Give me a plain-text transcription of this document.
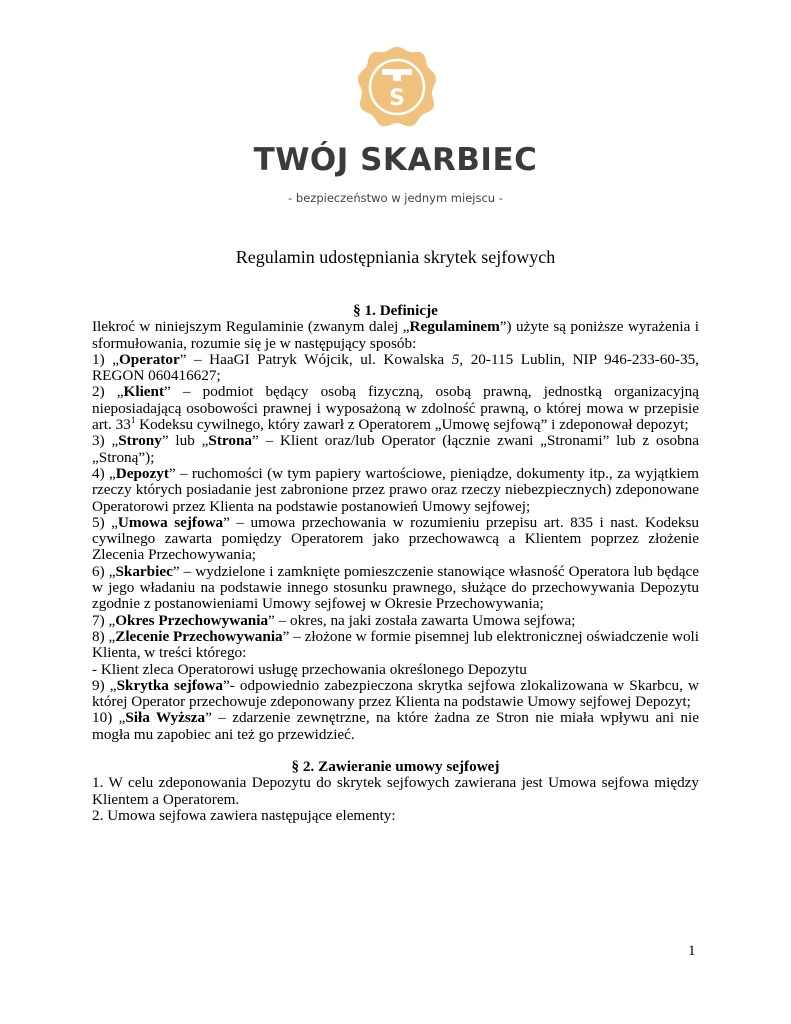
S
TWÓJ SKARBIEC
- bezpieczeństwo w jednym miejscu -
Regulamin udostępniania skrytek sejfowych

§ 1. Definicje

Ilekroć w niniejszym Regulaminie (zwanym dalej „Regulaminem”) użyte są poniższe wyrażenia i sformułowania, rozumie się je w następujący sposób:

1) „Operator” – HaaGI Patryk Wójcik, ul. Kowalska 5, 20-115 Lublin, NIP 946-233-60-35, REGON 060416627;

2) „Klient” – podmiot będący osobą fizyczną, osobą prawną, jednostką organizacyjną nieposiadającą osobowości prawnej i wyposażoną w zdolność prawną, o której mowa w przepisie art. $33^1$ Kodeksu cywilnego, który zawarł z Operatorem „Umowę sejfową” i zdeponował depozyt;

3) „Strony” lub „Strona” – Klient oraz/lub Operator (łącznie zwani „Stronami” lub z osobna „Stroną”);

4) „Depozyt” – ruchomości (w tym papiery wartościowe, pieniądze, dokumenty itp., za wyjątkiem rzeczy których posiadanie jest zabronione przez prawo oraz rzeczy niebezpiecznych) zdeponowane Operatorowi przez Klienta na podstawie postanowień Umowy sejfowej;

5) „Umowa sejfowa” – umowa przechowania w rozumieniu przepisu art. 835 i nast. Kodeksu cywilnego zawarta pomiędzy Operatorem jako przechowawcą a Klientem poprzez złożenie Zlecenia Przechowywania;

6) „Skarbiec” – wydzielone i zamknięte pomieszczenie stanowiące własność Operatora lub będące w jego władaniu na podstawie innego stosunku prawnego, służące do przechowywania Depozytu zgodnie z postanowieniami Umowy sejfowej w Okresie Przechowywania;

7) „Okres Przechowywania” – okres, na jaki została zawarta Umowa sejfowa;

8) „Zlecenie Przechowywania” – złożone w formie pisemnej lub elektronicznej oświadczenie woli Klienta, w treści którego:

- Klient zleca Operatorowi usługę przechowania określonego Depozytu

9) „Skrytka sejfowa”- odpowiednio zabezpieczona skrytka sejfowa zlokalizowana w Skarbcu, w której Operator przechowuje zdeponowany przez Klienta na podstawie Umowy sejfowej Depozyt;

10) „Siła Wyższa” – zdarzenie zewnętrzne, na które żadna ze Stron nie miała wpływu ani nie mogła mu zapobiec ani też go przewidzieć.

§ 2. Zawieranie umowy sejfowej

1. W celu zdeponowania Depozytu do skrytek sejfowych zawierana jest Umowa sejfowa między Klientem a Operatorem.

2. Umowa sejfowa zawiera następujące elementy:

1
